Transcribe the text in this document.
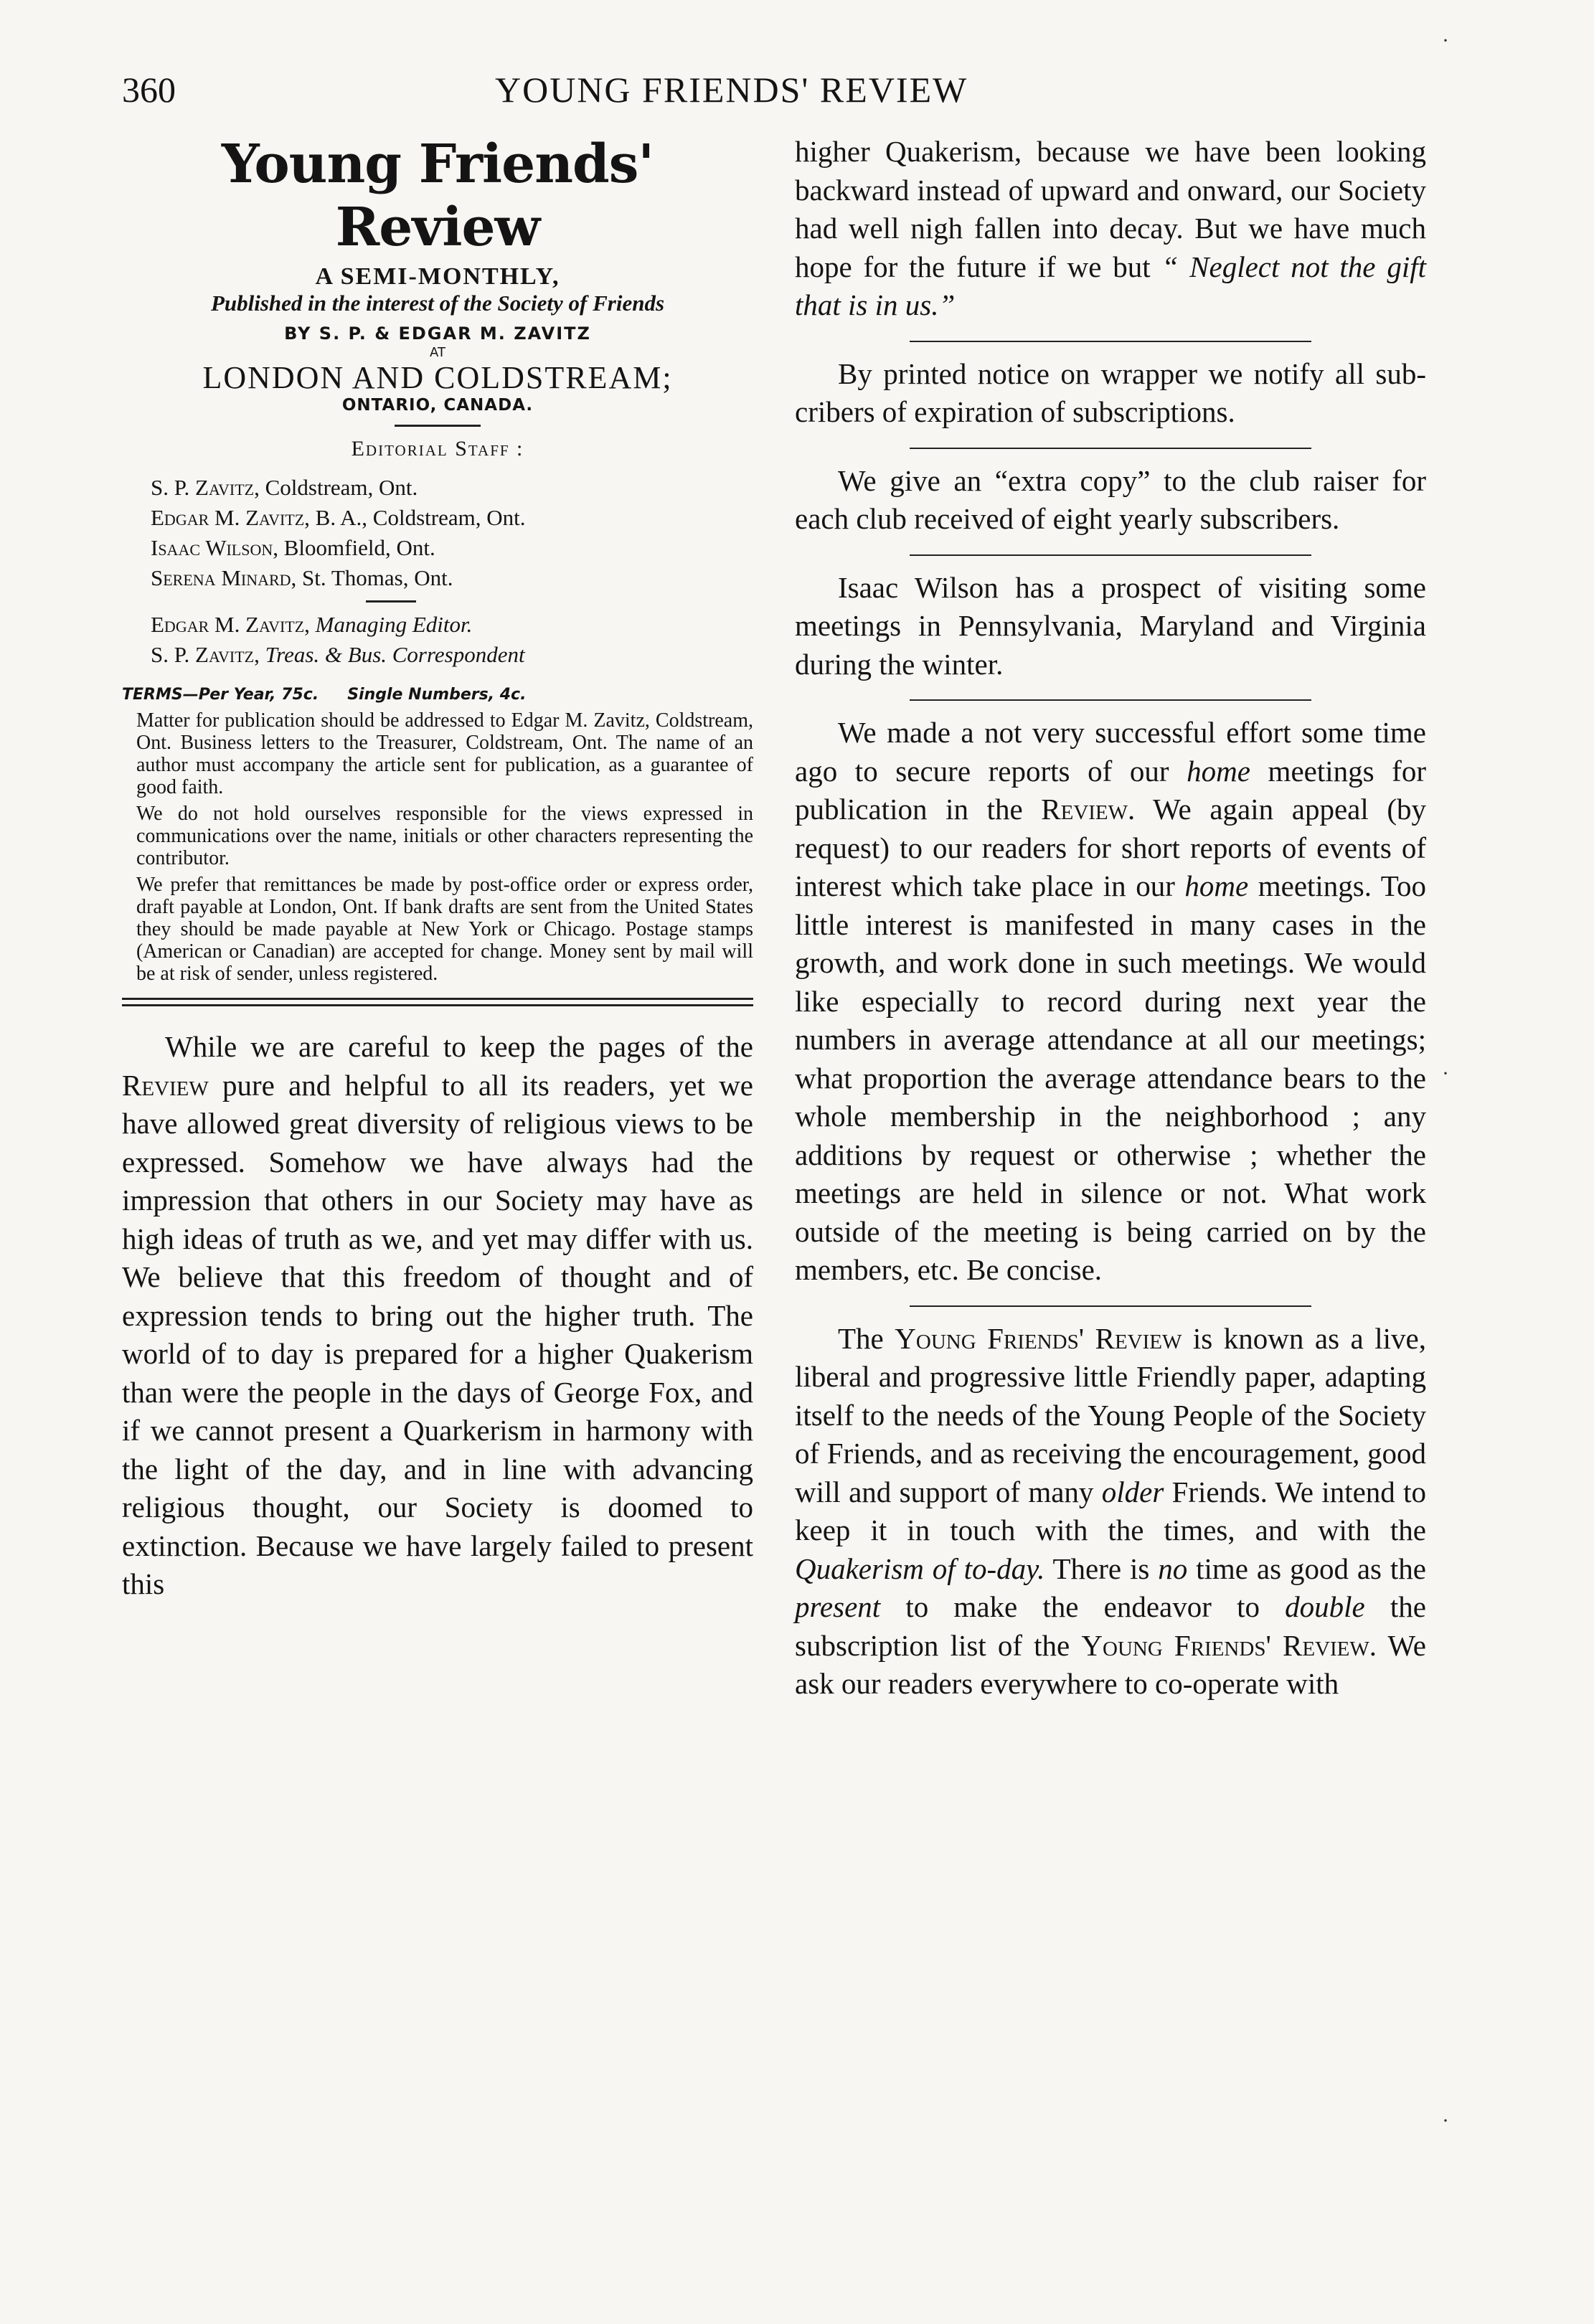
360	YOUNG FRIENDS' REVIEW
Young Friends' Review
A SEMI-MONTHLY,
Published in the interest of the Society of Friends
BY S. P. & EDGAR M. ZAVITZ
AT
LONDON AND COLDSTREAM;
ONTARIO, CANADA.
Editorial Staff :
S. P. Zavitz, Coldstream, Ont.
Edgar M. Zavitz, B. A., Coldstream, Ont.
Isaac Wilson, Bloomfield, Ont.
Serena Minard, St. Thomas, Ont.
Edgar M. Zavitz, Managing Editor.
S. P. Zavitz, Treas. & Bus. Correspondent
TERMS—Per Year, 75c. Single Numbers, 4c.

Matter for publication should be addressed to Edgar M. Zavitz, Coldstream, Ont. Business letters to the Treasurer, Coldstream, Ont. The name of an author must accompany the article sent for publication, as a guarantee of good faith.

We do not hold ourselves responsible for the views expressed in communications over the name, initials or other characters representing the contributor.

We prefer that remittances be made by post-office order or express order, draft payable at London, Ont. If bank drafts are sent from the United States they should be made payable at New York or Chicago. Postage stamps (American or Canadian) are accepted for change. Money sent by mail will be at risk of sender, unless registered.

While we are careful to keep the pages of the Review pure and helpful to all its readers, yet we have allowed great diversity of religious views to be expressed. Somehow we have always had the impression that others in our Society may have as high ideas of truth as we, and yet may differ with us. We believe that this freedom of thought and of expression tends to bring out the higher truth. The world of to day is prepared for a higher Quakerism than were the people in the days of George Fox, and if we cannot present a Quarkerism in harmony with the light of the day, and in line with advancing religious thought, our Society is doomed to extinction. Because we have largely failed to present this

higher Quakerism, because we have been looking backward instead of upward and onward, our Society had well nigh fallen into decay. But we have much hope for the future if we but “ Neglect not the gift that is in us.”

By printed notice on wrapper we notify all sub-cribers of expiration of subscriptions.

We give an “extra copy” to the club raiser for each club received of eight yearly subscribers.

Isaac Wilson has a prospect of visiting some meetings in Pennsylvania, Maryland and Virginia during the winter.

We made a not very successful effort some time ago to secure reports of our home meetings for publication in the Review. We again appeal (by request) to our readers for short reports of events of interest which take place in our home meetings. Too little interest is manifested in many cases in the growth, and work done in such meetings. We would like especially to record during next year the numbers in average attendance at all our meetings; what proportion the average attendance bears to the whole membership in the neighborhood ; any additions by request or otherwise ; whether the meetings are held in silence or not. What work outside of the meeting is being carried on by the members, etc. Be concise.

The Young Friends' Review is known as a live, liberal and progressive little Friendly paper, adapting itself to the needs of the Young People of the Society of Friends, and as receiving the encouragement, good will and support of many older Friends. We intend to keep it in touch with the times, and with the Quakerism of to-day. There is no time as good as the present to make the endeavor to double the subscription list of the Young Friends' Review. We ask our readers everywhere to co-operate with

·
·
·
